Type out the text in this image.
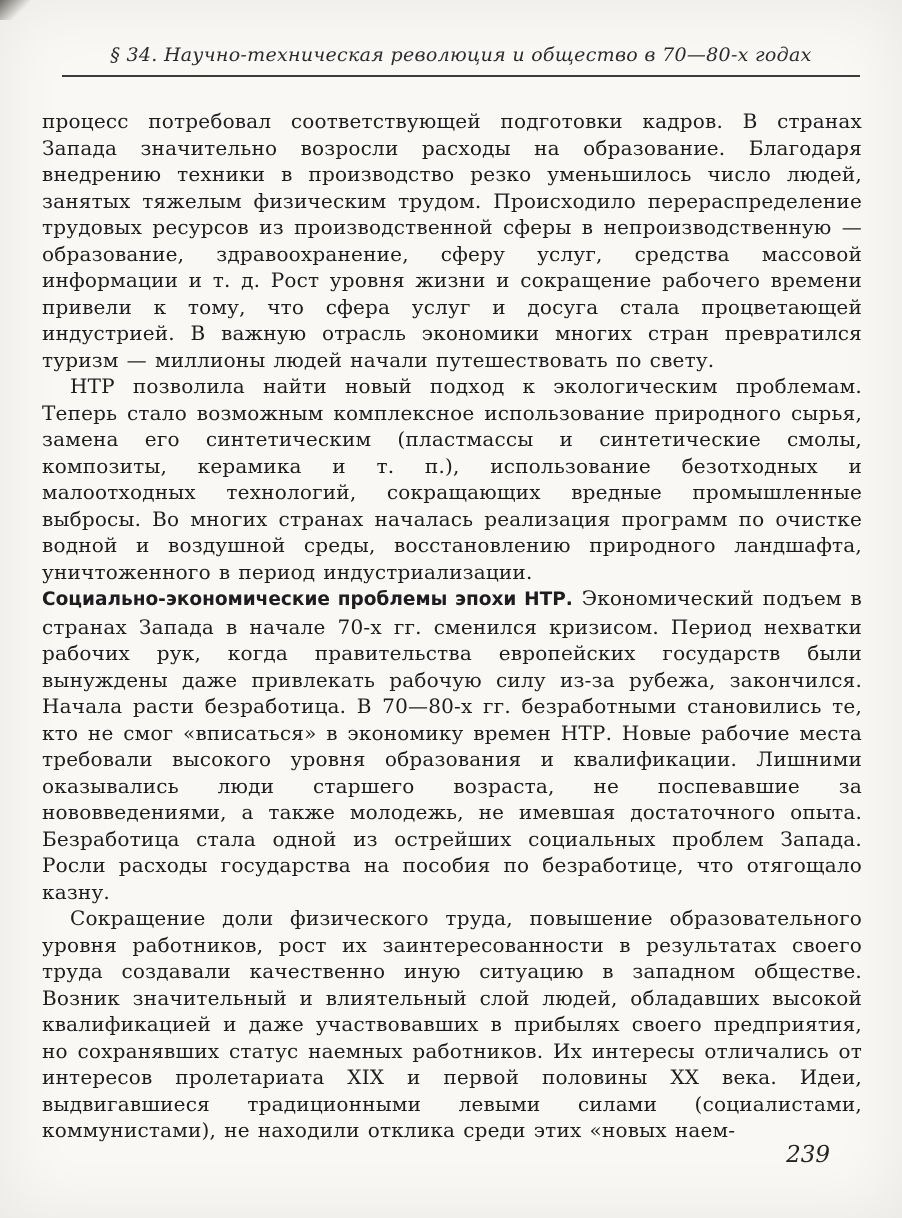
§ 34. Научно-техническая революция и общество в 70—80-х годах

процесс потребовал соответствующей подготовки кадров. В странах Запада значительно возросли расходы на образование. Благодаря внедрению техники в производство резко уменьшилось число людей, занятых тяжелым физическим трудом. Происходило перераспределение трудовых ресурсов из производственной сферы в непроизводственную — образование, здравоохранение, сферу услуг, средства массовой информации и т. д. Рост уровня жизни и сокращение рабочего времени привели к тому, что сфера услуг и досуга стала процветающей индустрией. В важную отрасль экономики многих стран превратился туризм — миллионы людей начали путешествовать по свету.

НТР позволила найти новый подход к экологическим проблемам. Теперь стало возможным комплексное использование природного сырья, замена его синтетическим (пластмассы и синтетические смолы, композиты, керамика и т. п.), использование безотходных и малоотходных технологий, сокращающих вредные промышленные выбросы. Во многих странах началась реализация программ по очистке водной и воздушной среды, восстановлению природного ландшафта, уничтоженного в период индустриализации.

Социально-экономические проблемы эпохи НТР. Экономический подъем в странах Запада в начале 70-х гг. сменился кризисом. Период нехватки рабочих рук, когда правительства европейских государств были вынуждены даже привлекать рабочую силу из-за рубежа, закончился. Начала расти безработица. В 70—80-х гг. безработными становились те, кто не смог «вписаться» в экономику времен НТР. Новые рабочие места требовали высокого уровня образования и квалификации. Лишними оказывались люди старшего возраста, не поспевавшие за нововведениями, а также молодежь, не имевшая достаточного опыта. Безработица стала одной из острейших социальных проблем Запада. Росли расходы государства на пособия по безработице, что отягощало казну.

Сокращение доли физического труда, повышение образовательного уровня работников, рост их заинтересованности в результатах своего труда создавали качественно иную ситуацию в западном обществе. Возник значительный и влиятельный слой людей, обладавших высокой квалификацией и даже участвовавших в прибылях своего предприятия, но сохранявших статус наемных работников. Их интересы отличались от интересов пролетариата XIX и первой половины XX века. Идеи, выдвигавшиеся традиционными левыми силами (социалистами, коммунистами), не находили отклика среди этих «новых наем-

239
